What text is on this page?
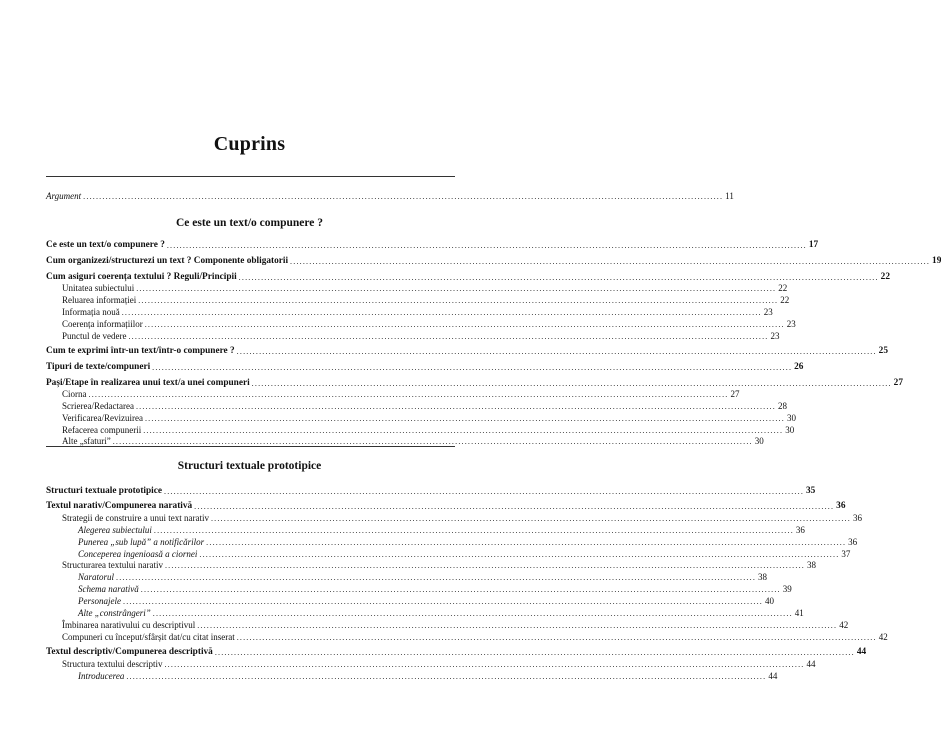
Cuprins
Ce este un text/o compunere ?
Structuri textuale prototipice
Argument ........................................................................................................................................................................................................ 11
Ce este un text/o compunere ? ........................................................................................................................................................................................................ 17
Cum organizezi/structurezi un text ? Componente obligatorii ........................................................................................................................................................................................................ 19
Cum asiguri coerența textului ? Reguli/Principii ........................................................................................................................................................................................................ 22
Unitatea subiectului ........................................................................................................................................................................................................ 22
Reluarea informației ........................................................................................................................................................................................................ 22
Informația nouă ........................................................................................................................................................................................................ 23
Coerența informațiilor ........................................................................................................................................................................................................ 23
Punctul de vedere ........................................................................................................................................................................................................ 23
Cum te exprimi într-un text/într-o compunere ? ........................................................................................................................................................................................................ 25
Tipuri de texte/compuneri ........................................................................................................................................................................................................ 26
Pași/Etape în realizarea unui text/a unei compuneri ........................................................................................................................................................................................................ 27
Ciorna ........................................................................................................................................................................................................ 27
Scrierea/Redactarea ........................................................................................................................................................................................................ 28
Verificarea/Revizuirea ........................................................................................................................................................................................................ 30
Refacerea compunerii ........................................................................................................................................................................................................ 30
Alte „sfaturi” ........................................................................................................................................................................................................ 30
Structuri textuale prototipice ........................................................................................................................................................................................................ 35
Textul narativ/Compunerea narativă ........................................................................................................................................................................................................ 36
Strategii de construire a unui text narativ ........................................................................................................................................................................................................ 36
Alegerea subiectului ........................................................................................................................................................................................................ 36
Punerea „sub lupă” a notificărilor ........................................................................................................................................................................................................ 36
Conceperea ingenioasă a ciornei ........................................................................................................................................................................................................ 37
Structurarea textului narativ ........................................................................................................................................................................................................ 38
Naratorul ........................................................................................................................................................................................................ 38
Schema narativă ........................................................................................................................................................................................................ 39
Personajele ........................................................................................................................................................................................................ 40
Alte „constrângeri” ........................................................................................................................................................................................................ 41
Îmbinarea narativului cu descriptivul ........................................................................................................................................................................................................ 42
Compuneri cu început/sfârșit dat/cu citat inserat ........................................................................................................................................................................................................ 42
Textul descriptiv/Compunerea descriptivă ........................................................................................................................................................................................................ 44
Structura textului descriptiv ........................................................................................................................................................................................................ 44
Introducerea ........................................................................................................................................................................................................ 44
